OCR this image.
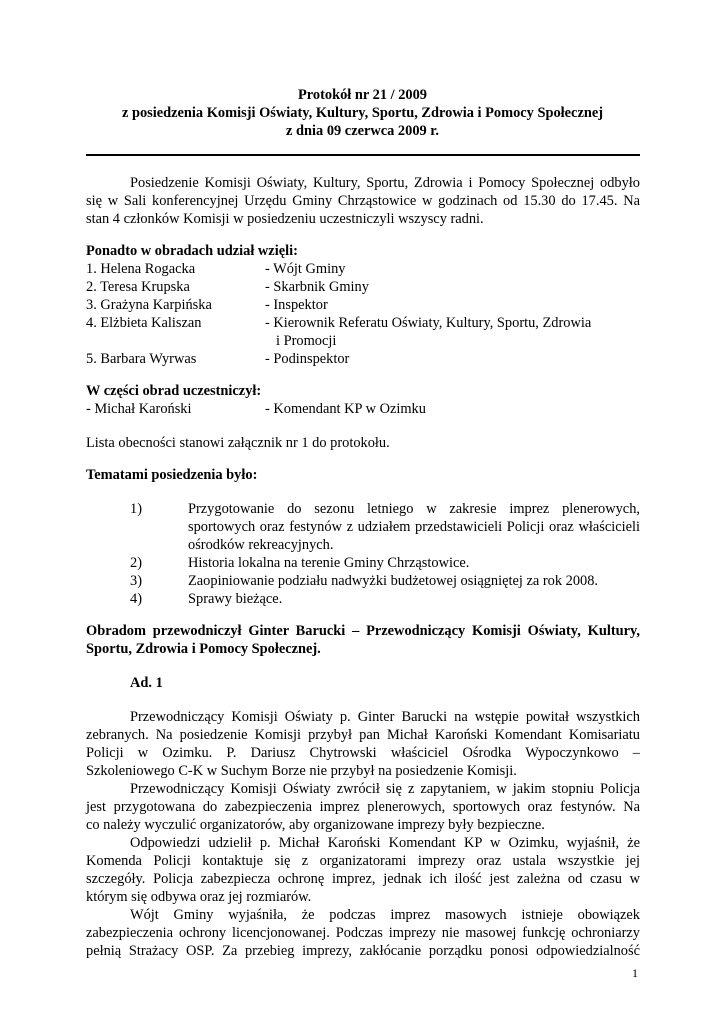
Protokół nr 21 / 2009
z posiedzenia Komisji Oświaty, Kultury, Sportu, Zdrowia i Pomocy Społecznej
z dnia 09 czerwca 2009 r.
Posiedzenie Komisji Oświaty, Kultury, Sportu, Zdrowia i Pomocy Społecznej odbyło
się w Sali konferencyjnej Urzędu Gminy Chrząstowice w godzinach od 15.30 do 17.45. Na
stan 4 członków Komisji w posiedzeniu uczestniczyli wszyscy radni.
Ponadto w obradach udział wzięli:
1. Helena Rogacka	- Wójt Gminy
2. Teresa Krupska	- Skarbnik Gminy
3. Grażyna Karpińska	- Inspektor
4. Elżbieta Kaliszan	- Kierownik Referatu Oświaty, Kultury, Sportu, Zdrowia
i Promocji
5. Barbara Wyrwas	- Podinspektor
W części obrad uczestniczył:
- Michał Karoński	- Komendant KP w Ozimku
Lista obecności stanowi załącznik nr 1 do protokołu.
Tematami posiedzenia było:
1)	Przygotowanie do sezonu letniego w zakresie imprez plenerowych,
sportowych oraz festynów z udziałem przedstawicieli Policji oraz właścicieli
ośrodków rekreacyjnych.
2)	Historia lokalna na terenie Gminy Chrząstowice.
3)	Zaopiniowanie podziału nadwyżki budżetowej osiągniętej za rok 2008.
4)	Sprawy bieżące.
Obradom przewodniczył Ginter Barucki – Przewodniczący Komisji Oświaty, Kultury,
Sportu, Zdrowia i Pomocy Społecznej.
Ad. 1
Przewodniczący Komisji Oświaty p. Ginter Barucki na wstępie powitał wszystkich
zebranych. Na posiedzenie Komisji przybył pan Michał Karoński Komendant Komisariatu
Policji w Ozimku. P. Dariusz Chytrowski właściciel Ośrodka Wypoczynkowo –
Szkoleniowego C-K w Suchym Borze nie przybył na posiedzenie Komisji.
Przewodniczący Komisji Oświaty zwrócił się z zapytaniem, w jakim stopniu Policja
jest przygotowana do zabezpieczenia imprez plenerowych, sportowych oraz festynów. Na
co należy wyczulić organizatorów, aby organizowane imprezy były bezpieczne.
Odpowiedzi udzielił p. Michał Karoński Komendant KP w Ozimku, wyjaśnił, że
Komenda Policji kontaktuje się z organizatorami imprezy oraz ustala wszystkie jej
szczegóły. Policja zabezpiecza ochronę imprez, jednak ich ilość jest zależna od czasu w
którym się odbywa oraz jej rozmiarów.
Wójt Gminy wyjaśniła, że podczas imprez masowych istnieje obowiązek
zabezpieczenia ochrony licencjonowanej. Podczas imprezy nie masowej funkcję ochroniarzy
pełnią Strażacy OSP. Za przebieg imprezy, zakłócanie porządku ponosi odpowiedzialność
1
